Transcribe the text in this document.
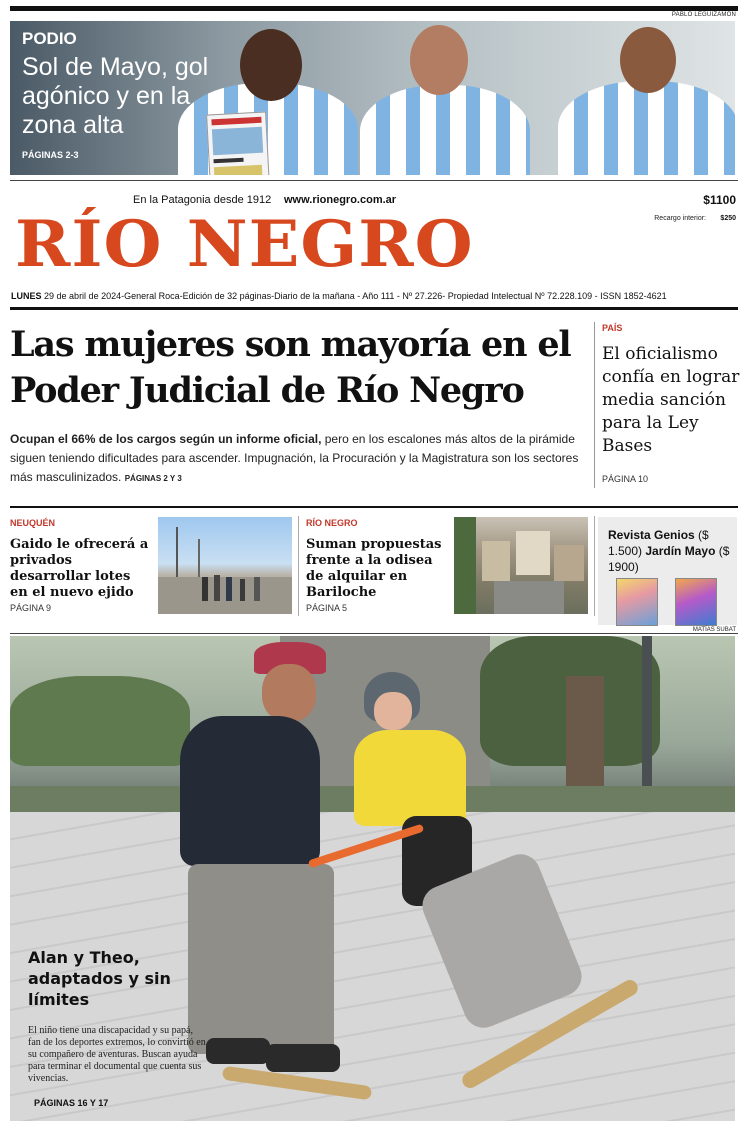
PABLO LEGUIZAMÓN
PODIO
Sol de Mayo, gol agónico y en la zona alta
PÁGINAS 2-3
En la Patagonia desde 1912 www.rionegro.com.ar	$1100
Recargo interior: $250
RÍO NEGRO
LUNES 29 de abril de 2024-General Roca-Edición de 32 páginas-Diario de la mañana - Año 111 - Nº 27.226- Propiedad Intelectual Nº 72.228.109 - ISSN 1852-4621
Las mujeres son mayoría en el Poder Judicial de Río Negro
Ocupan el 66% de los cargos según un informe oficial, pero en los escalones más altos de la pirámide siguen teniendo dificultades para ascender. Impugnación, la Procuración y la Magistratura son los sectores más masculinizados. PÁGINAS 2 Y 3
PAÍS
El oficialismo confía en lograr media sanción para la Ley Bases
PÁGINA 10
NEUQUÉN
Gaido le ofrecerá a privados desarrollar lotes en el nuevo ejido
PÁGINA 9
RÍO NEGRO
Suman propuestas frente a la odisea de alquilar en Bariloche
PÁGINA 5
Revista Genios ($ 1.500) Jardín Mayo ($ 1900)
MATÍAS SUBAT
Alan y Theo, adaptados y sin límites
El niño tiene una discapacidad y su papá, fan de los deportes extremos, lo convirtió en su compañero de aventuras. Buscan ayuda para terminar el documental que cuenta sus vivencias.
PÁGINAS 16 Y 17
